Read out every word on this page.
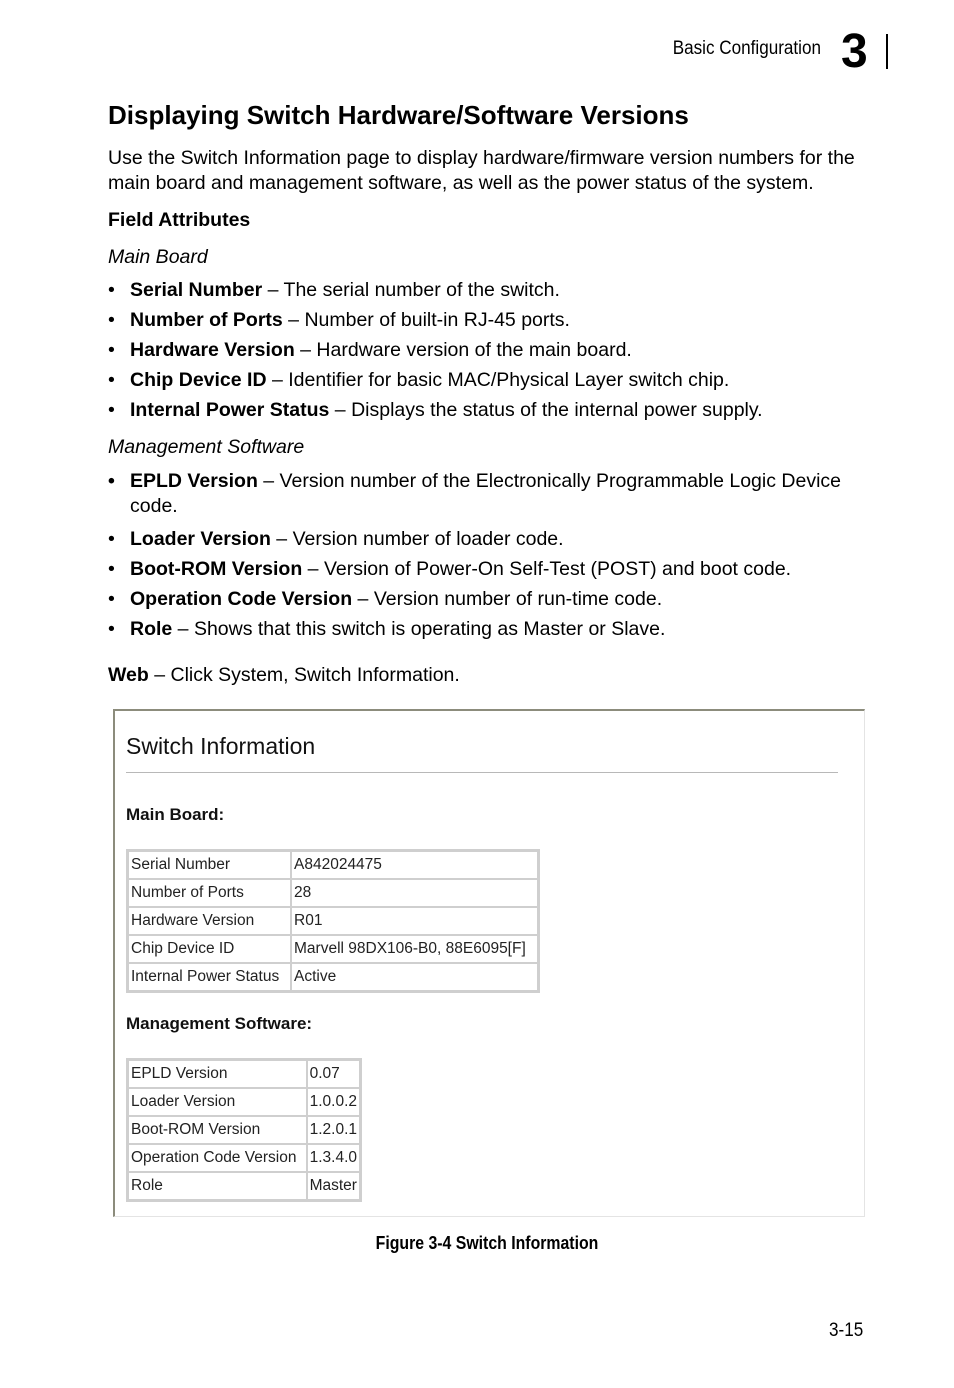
Basic Configuration 3
Displaying Switch Hardware/Software Versions
Use the Switch Information page to display hardware/firmware version numbers for the main board and management software, as well as the power status of the system.
Field Attributes
Main Board
• Serial Number – The serial number of the switch.
• Number of Ports – Number of built-in RJ-45 ports.
• Hardware Version – Hardware version of the main board.
• Chip Device ID – Identifier for basic MAC/Physical Layer switch chip.
• Internal Power Status – Displays the status of the internal power supply.
Management Software
• EPLD Version – Version number of the Electronically Programmable Logic Device code.
• Loader Version – Version number of loader code.
• Boot-ROM Version – Version of Power-On Self-Test (POST) and boot code.
• Operation Code Version – Version number of run-time code.
• Role – Shows that this switch is operating as Master or Slave.
Web – Click System, Switch Information.
Switch Information
Main Board:
Serial Number	A842024475
Number of Ports	28
Hardware Version	R01
Chip Device ID	Marvell 98DX106-B0, 88E6095[F]
Internal Power Status	Active
Management Software:
EPLD Version	0.07
Loader Version	1.0.0.2
Boot-ROM Version	1.2.0.1
Operation Code Version	1.3.4.0
Role	Master
Figure 3-4 Switch Information
3-15
